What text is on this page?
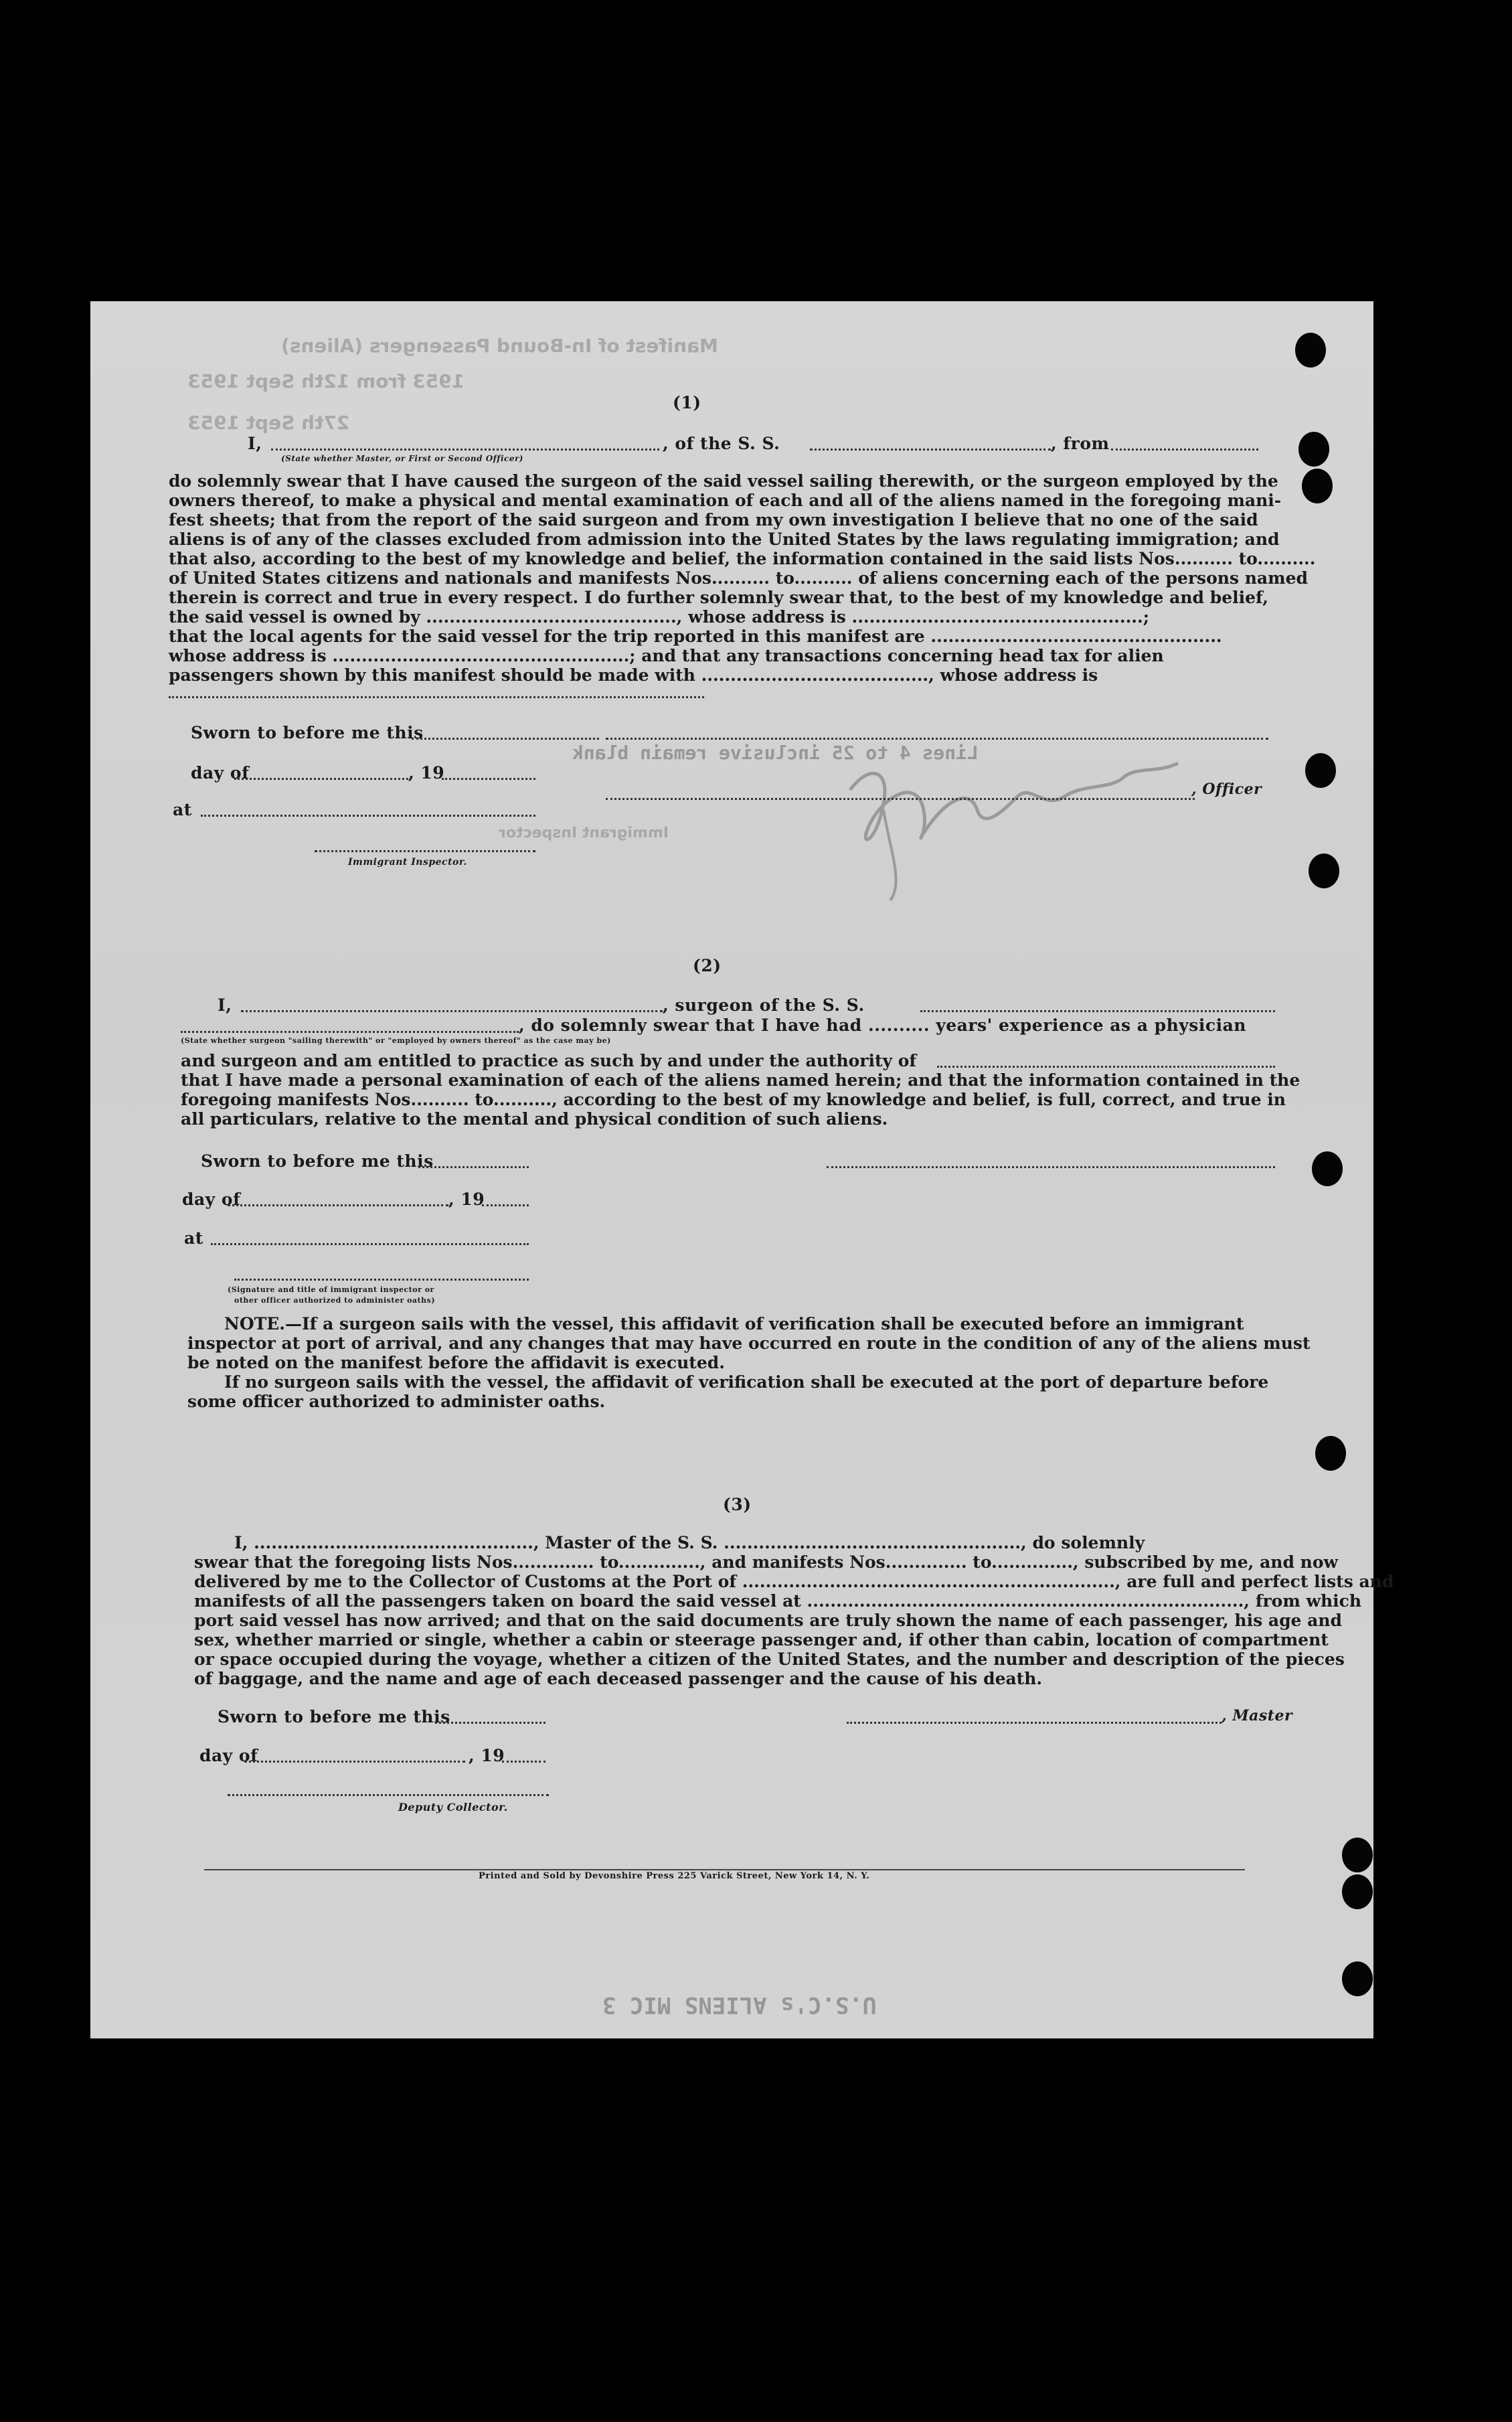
Manifest of In-Bound Passengers (Aliens)
1953 from 12th Sept 1953
27th Sept 1953
Lines 4 to 25 inclusive remain blank
Immigrant Inspector
U.S.C's ALIENS MIC 3
(1)
I,	, of the S. S.	, from
(State whether Master, or First or Second Officer)
do solemnly swear that I have caused the surgeon of the said vessel sailing therewith, or the surgeon employed by the
owners thereof, to make a physical and mental examination of each and all of the aliens named in the foregoing mani-
fest sheets; that from the report of the said surgeon and from my own investigation I believe that no one of the said
aliens is of any of the classes excluded from admission into the United States by the laws regulating immigration; and
that also, according to the best of my knowledge and belief, the information contained in the said lists Nos.......... to..........
of United States citizens and nationals and manifests Nos.......... to.......... of aliens concerning each of the persons named
therein is correct and true in every respect. I do further solemnly swear that, to the best of my knowledge and belief,
the said vessel is owned by ..........................................., whose address is ..................................................;
that the local agents for the said vessel for the trip reported in this manifest are ..................................................
whose address is ...................................................; and that any transactions concerning head tax for alien
passengers shown by this manifest should be made with ......................................., whose address is
Sworn to before me this
day of	, 19
at
, Officer
Immigrant Inspector.
(2)
I,	, surgeon of the S. S.
, do solemnly swear that I have had .......... years' experience as a physician
(State whether surgeon "sailing therewith" or "employed by owners thereof" as the case may be)
and surgeon and am entitled to practice as such by and under the authority of
that I have made a personal examination of each of the aliens named herein; and that the information contained in the
foregoing manifests Nos.......... to.........., according to the best of my knowledge and belief, is full, correct, and true in
all particulars, relative to the mental and physical condition of such aliens.
Sworn to before me this
day of	, 19
at
(Signature and title of immigrant inspector or
other officer authorized to administer oaths)
NOTE.—If a surgeon sails with the vessel, this affidavit of verification shall be executed before an immigrant
inspector at port of arrival, and any changes that may have occurred en route in the condition of any of the aliens must
be noted on the manifest before the affidavit is executed.
If no surgeon sails with the vessel, the affidavit of verification shall be executed at the port of departure before
some officer authorized to administer oaths.
(3)
I, ................................................, Master of the S. S. ..................................................., do solemnly
swear that the foregoing lists Nos.............. to.............., and manifests Nos.............. to.............., subscribed by me, and now
delivered by me to the Collector of Customs at the Port of ................................................................, are full and perfect lists and
manifests of all the passengers taken on board the said vessel at ..........................................................................., from which
port said vessel has now arrived; and that on the said documents are truly shown the name of each passenger, his age and
sex, whether married or single, whether a cabin or steerage passenger and, if other than cabin, location of compartment
or space occupied during the voyage, whether a citizen of the United States, and the number and description of the pieces
of baggage, and the name and age of each deceased passenger and the cause of his death.
Sworn to before me this	, Master
day of	, 19
Deputy Collector.
Printed and Sold by Devonshire Press 225 Varick Street, New York 14, N. Y.
